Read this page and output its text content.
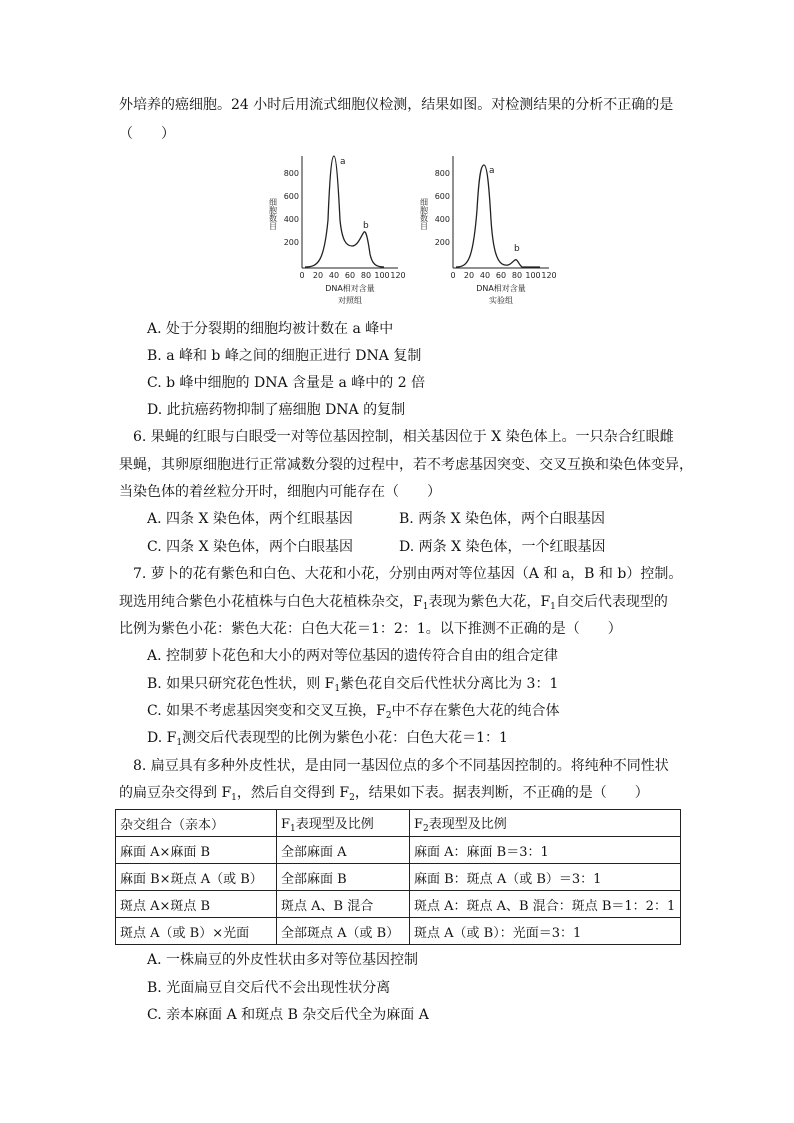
外培养的癌细胞。24 小时后用流式细胞仪检测，结果如图。对检测结果的分析不正确的是
（　　）
800
600
400
200
0 20 40 60 80 100 120
细胞数目
a
b
DNA相对含量
对照组
800
600
400
200
0 20 40 60 80 100 120
细胞数目
a
b
DNA相对含量
实验组
A. 处于分裂期的细胞均被计数在 a 峰中
B. a 峰和 b 峰之间的细胞正进行 DNA 复制
C. b 峰中细胞的 DNA 含量是 a 峰中的 2 倍
D. 此抗癌药物抑制了癌细胞 DNA 的复制
6. 果蝇的红眼与白眼受一对等位基因控制，相关基因位于 X 染色体上。一只杂合红眼雌
果蝇，其卵原细胞进行正常减数分裂的过程中，若不考虑基因突变、交叉互换和染色体变异，
当染色体的着丝粒分开时，细胞内可能存在（　　）
A. 四条 X 染色体，两个红眼基因	B. 两条 X 染色体，两个白眼基因
C. 四条 X 染色体，两个白眼基因	D. 两条 X 染色体，一个红眼基因
7. 萝卜的花有紫色和白色、大花和小花，分别由两对等位基因（A 和 a，B 和 b）控制。
现选用纯合紫色小花植株与白色大花植株杂交，$F_1$表现为紫色大花，$F_1$自交后代表现型的
比例为紫色小花：紫色大花：白色大花＝1：2：1。以下推测不正确的是（　　）
A. 控制萝卜花色和大小的两对等位基因的遗传符合自由的组合定律
B. 如果只研究花色性状，则 $F_1$紫色花自交后代性状分离比为 3：1
C. 如果不考虑基因突变和交叉互换，$F_2$中不存在紫色大花的纯合体
D. $F_1$测交后代表现型的比例为紫色小花：白色大花＝1：1
8. 扁豆具有多种外皮性状，是由同一基因位点的多个不同基因控制的。将纯种不同性状
的扁豆杂交得到 $F_1$，然后自交得到 $F_2$，结果如下表。据表判断，不正确的是（　　）
杂交组合（亲本）	$F_1$表现型及比例	$F_2$表现型及比例
麻面 A×麻面 B	全部麻面 A	麻面 A：麻面 B＝3：1
麻面 B×斑点 A（或 B）	全部麻面 B	麻面 B：斑点 A（或 B）＝3：1
斑点 A×斑点 B	斑点 A、B 混合	斑点 A：斑点 A、B 混合：斑点 B＝1：2：1
斑点 A（或 B）×光面	全部斑点 A（或 B）	斑点 A（或 B）：光面＝3：1
A. 一株扁豆的外皮性状由多对等位基因控制
B. 光面扁豆自交后代不会出现性状分离
C. 亲本麻面 A 和斑点 B 杂交后代全为麻面 A
